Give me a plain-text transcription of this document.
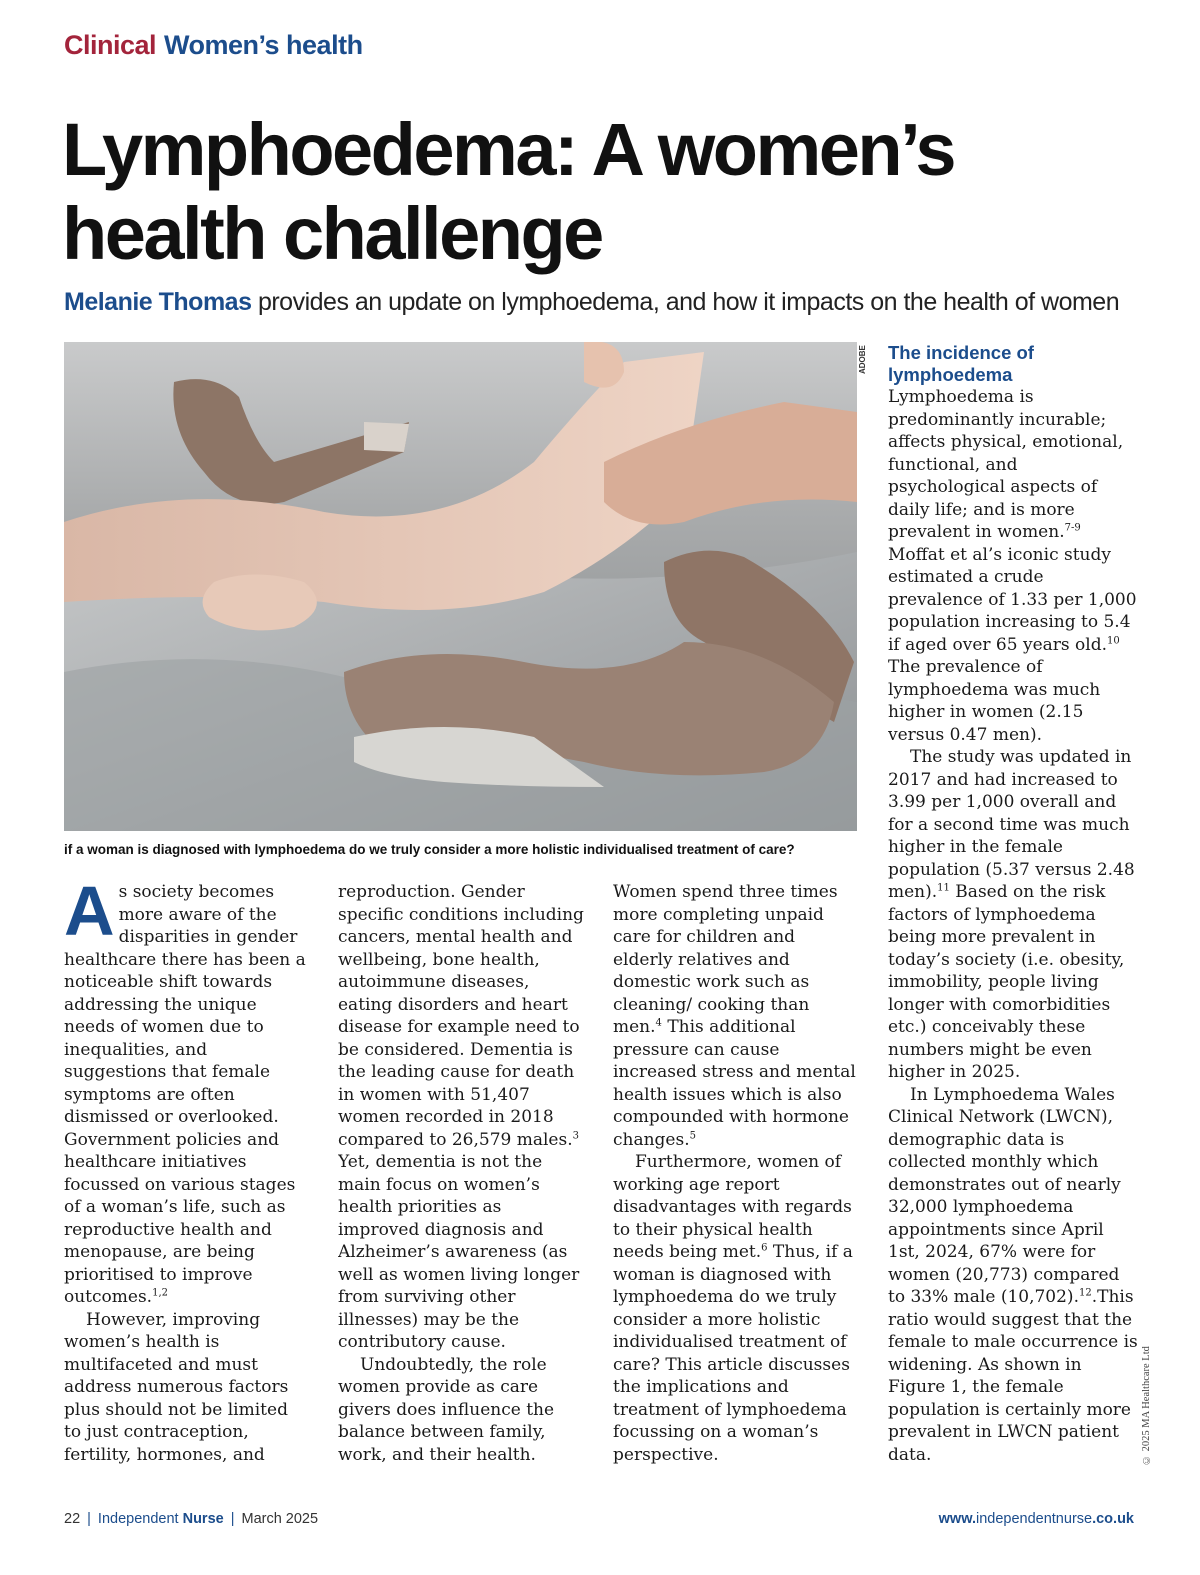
Clinical Women’s health
Lymphoedema: A women’s health challenge
Melanie Thomas provides an update on lymphoedema, and how it impacts on the health of women
ADOBE
if a woman is diagnosed with lymphoedema do we truly consider a more holistic individualised treatment of care?
© 2025 MA Healthcare Ltd
22 | Independent Nurse | March 2025	www.independentnurse.co.uk

As society becomes more aware of the disparities in gender healthcare there has been a noticeable shift towards addressing the unique needs of women due to inequalities, and suggestions that female symptoms are often dismissed or overlooked. Government policies and healthcare initiatives focussed on various stages of a woman’s life, such as reproductive health and menopause, are being prioritised to improve outcomes.$^{1,2}$

However, improving women’s health is multifaceted and must address numerous factors plus should not be limited to just contraception, fertility, hormones, and

reproduction. Gender specific conditions including cancers, mental health and wellbeing, bone health, autoimmune diseases, eating disorders and heart disease for example need to be considered. Dementia is the leading cause for death in women with 51,407 women recorded in 2018 compared to 26,579 males.$^3$ Yet, dementia is not the main focus on women’s health priorities as improved diagnosis and Alzheimer’s awareness (as well as women living longer from surviving other illnesses) may be the contributory cause.

Undoubtedly, the role women provide as care givers does influence the balance between family, work, and their health.

Women spend three times more completing unpaid care for children and elderly relatives and domestic work such as cleaning/ cooking than men.$^4$ This additional pressure can cause increased stress and mental health issues which is also compounded with hormone changes.$^5$

Furthermore, women of working age report disadvantages with regards to their physical health needs being met.$^6$ Thus, if a woman is diagnosed with lymphoedema do we truly consider a more holistic individualised treatment of care? This article discusses the implications and treatment of lymphoedema focussing on a woman’s perspective.

The incidence of lymphoedema

Lymphoedema is predominantly incurable; affects physical, emotional, functional, and psychological aspects of daily life; and is more prevalent in women.$^{7-9}$ Moffat et al’s iconic study estimated a crude prevalence of 1.33 per 1,000 population increasing to 5.4 if aged over 65 years old.$^{10}$ The prevalence of lymphoedema was much higher in women (2.15 versus 0.47 men).

The study was updated in 2017 and had increased to 3.99 per 1,000 overall and for a second time was much higher in the female population (5.37 versus 2.48 men).$^{11}$ Based on the risk factors of lymphoedema being more prevalent in today’s society (i.e. obesity, immobility, people living longer with comorbidities etc.) conceivably these numbers might be even higher in 2025.

In Lymphoedema Wales Clinical Network (LWCN), demographic data is collected monthly which demonstrates out of nearly 32,000 lymphoedema appointments since April 1st, 2024, 67% were for women (20,773) compared to 33% male (10,702).$^{12}$.This ratio would suggest that the female to male occurrence is widening. As shown in Figure 1, the female population is certainly more prevalent in LWCN patient data.
